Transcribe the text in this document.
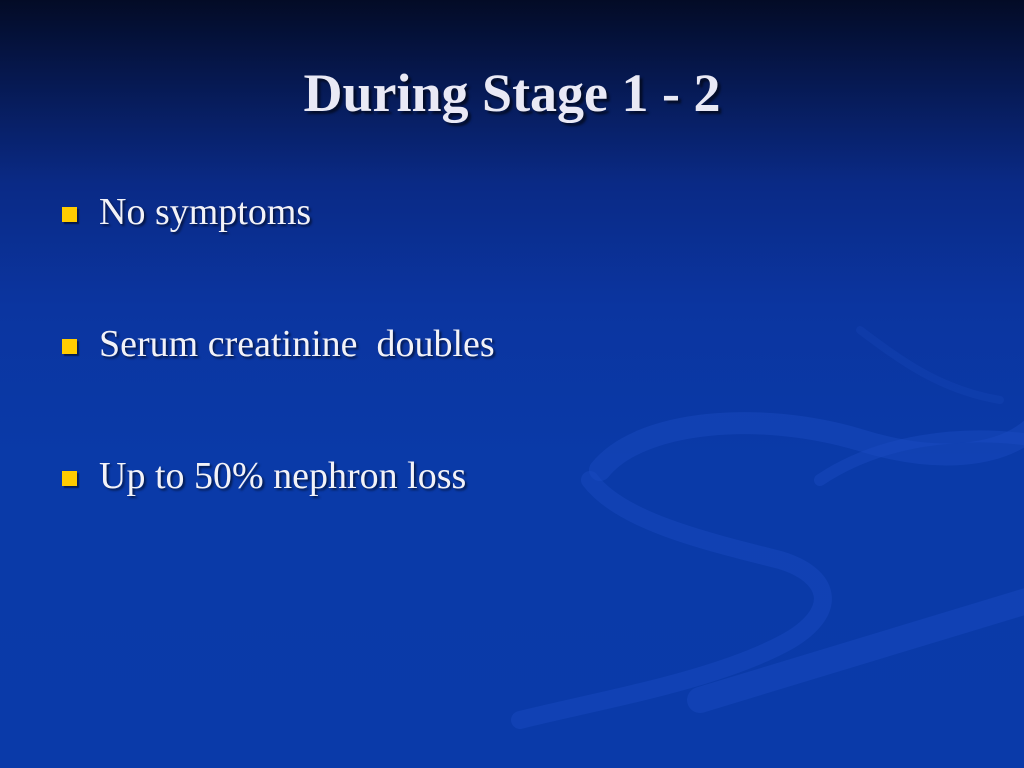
During Stage 1 - 2
No symptoms
Serum creatinine  doubles
Up to 50% nephron loss
